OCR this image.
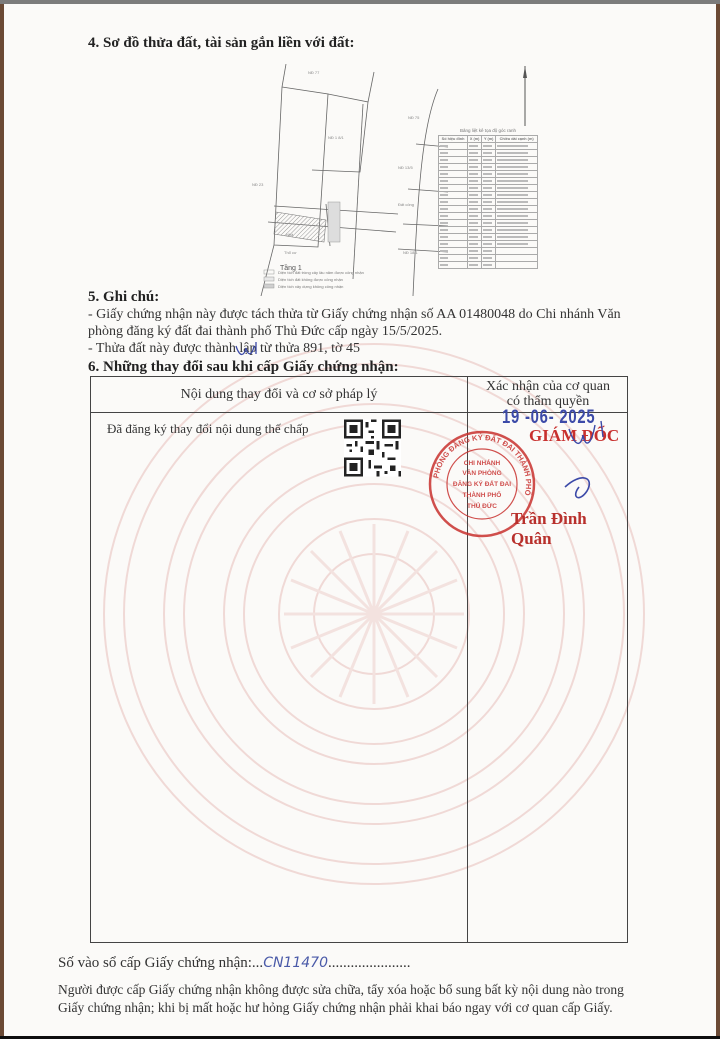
4. Sơ đồ thửa đất, tài sản gắn liền với đất:
NĐ 1 8/1
NĐ 75
NĐ 13/5
Đất công
NĐ 18/1
NĐ 23
NĐ 77
Nhà
Thổ cư
Tầng 1
Diện tích đất trồng cây lâu năm được công nhận
Diện tích đất không được công nhận
Diện tích xây dựng không công nhận
Bảng liệt kê tọa độ góc ranh
Số hiệu đỉnh	X (m)	Y (m)	Chiều dài cạnh (m)

5. Ghi chú:
- Giấy chứng nhận này được tách thửa từ Giấy chứng nhận số AA 01480048 do Chi nhánh Văn
phòng đăng ký đất đai thành phố Thủ Đức cấp ngày 15/5/2025.
- Thửa đất này được thành lập từ thửa 891, tờ 45
6. Những thay đổi sau khi cấp Giấy chứng nhận:
Nội dung thay đổi và cơ sở pháp lý	Xác nhận của cơ quan
có thẩm quyền
Đã đăng ký thay đổi nội dung thế chấp
19 -06- 2025
GIÁM ĐỐC
PHÒNG ĐĂNG KÝ ĐẤT ĐAI THÀNH PHỐ
CHI NHÁNH
VĂN PHÒNG
ĐĂNG KÝ ĐẤT ĐAI
THÀNH PHỐ
THỦ ĐỨC
Trần Đình Quân
Số vào sổ cấp Giấy chứng nhận:...CN11470......................
Người được cấp Giấy chứng nhận không được sửa chữa, tẩy xóa hoặc bổ sung bất kỳ nội dung nào trong
Giấy chứng nhận; khi bị mất hoặc hư hỏng Giấy chứng nhận phải khai báo ngay với cơ quan cấp Giấy.
